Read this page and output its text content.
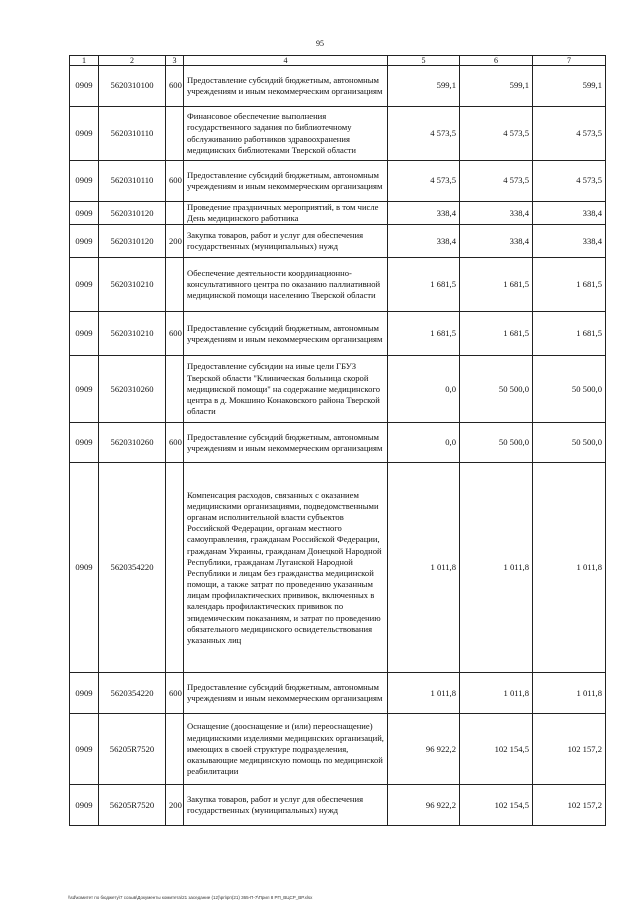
95
1	2	3	4	5	6	7
0909	5620310100	600	Предоставление субсидий бюджетным, автономным учреждениям и иным некоммерческим организациям	599,1	599,1	599,1
0909	5620310110		Финансовое обеспечение выполнения государственного задания по библиотечному обслуживанию работников здравоохранения медицинских библиотеками Тверской области	4 573,5	4 573,5	4 573,5
0909	5620310110	600	Предоставление субсидий бюджетным, автономным учреждениям и иным некоммерческим организациям	4 573,5	4 573,5	4 573,5
0909	5620310120		Проведение праздничных мероприятий, в том числе День медицинского работника	338,4	338,4	338,4
0909	5620310120	200	Закупка товаров, работ и услуг для обеспечения государственных (муниципальных) нужд	338,4	338,4	338,4
0909	5620310210		Обеспечение деятельности координационно-консультативного центра по оказанию паллиативной медицинской помощи населению Тверской области	1 681,5	1 681,5	1 681,5
0909	5620310210	600	Предоставление субсидий бюджетным, автономным учреждениям и иным некоммерческим организациям	1 681,5	1 681,5	1 681,5
0909	5620310260		Предоставление субсидии на иные цели ГБУЗ Тверской области "Клиническая больница скорой медицинской помощи" на содержание медицинского центра в д. Мокшино Конаковского района Тверской области	0,0	50 500,0	50 500,0
0909	5620310260	600	Предоставление субсидий бюджетным, автономным учреждениям и иным некоммерческим организациям	0,0	50 500,0	50 500,0
0909	5620354220		Компенсация расходов, связанных с оказанием медицинскими организациями, подведомственными органам исполнительной власти субъектов Российской Федерации, органам местного самоуправления, гражданам Российской Федерации, гражданам Украины, гражданам Донецкой Народной Республики, гражданам Луганской Народной Республики и лицам без гражданства медицинской помощи, а также затрат по проведению указанным лицам профилактических прививок, включенных в календарь профилактических прививок по эпидемическим показаниям, и затрат по проведению обязательного медицинского освидетельствования указанных лиц	1 011,8	1 011,8	1 011,8
0909	5620354220	600	Предоставление субсидий бюджетным, автономным учреждениям и иным некоммерческим организациям	1 011,8	1 011,8	1 011,8
0909	56205R7520		Оснащение (дооснащение и (или) переоснащение) медицинскими изделиями медицинских организаций, имеющих в своей структуре подразделения, оказывающие медицинскую помощь по медицинской реабилитации	96 922,2	102 154,5	102 157,2
0909	56205R7520	200	Закупка товаров, работ и услуг для обеспечения государственных (муниципальных) нужд	96 922,2	102 154,5	102 157,2
\\sd\комитет по бюджету\7 созыв\Документы комитета\21 заседание (12)\рп\рп(21) 365-П-7\Прил 8 РП_ВЦСР_ВР.xlsx
